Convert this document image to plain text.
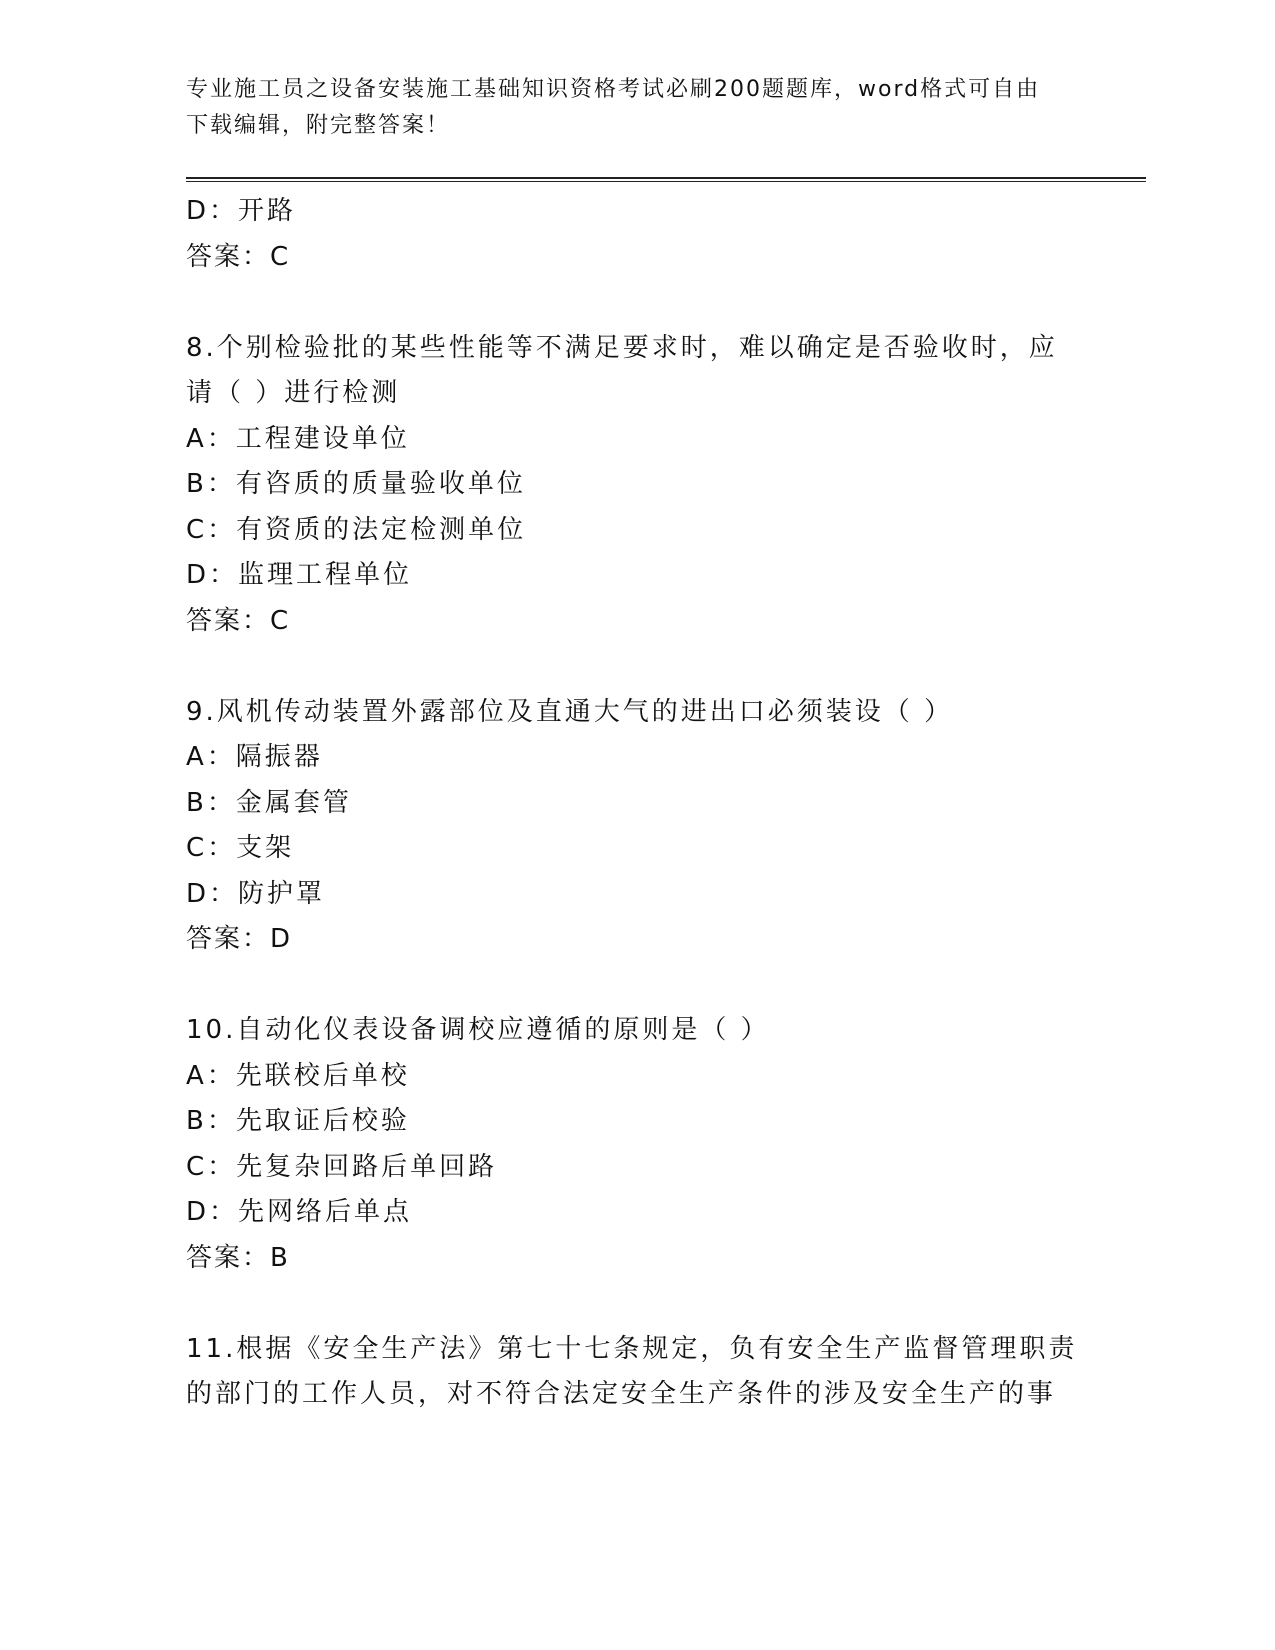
专业施工员之设备安装施工基础知识资格考试必刷200题题库，word格式可自由
下载编辑，附完整答案！
D：开路
答案：C
8.个别检验批的某些性能等不满足要求时，难以确定是否验收时，应
请（ ）进行检测
A：工程建设单位
B：有咨质的质量验收单位
C：有资质的法定检测单位
D：监理工程单位
答案：C
9.风机传动装置外露部位及直通大气的进出口必须装设（ ）
A：隔振器
B：金属套管
C：支架
D：防护罩
答案：D
10.自动化仪表设备调校应遵循的原则是（ ）
A：先联校后单校
B：先取证后校验
C：先复杂回路后单回路
D：先网络后单点
答案：B
11.根据《安全生产法》第七十七条规定，负有安全生产监督管理职责
的部门的工作人员，对不符合法定安全生产条件的涉及安全生产的事
